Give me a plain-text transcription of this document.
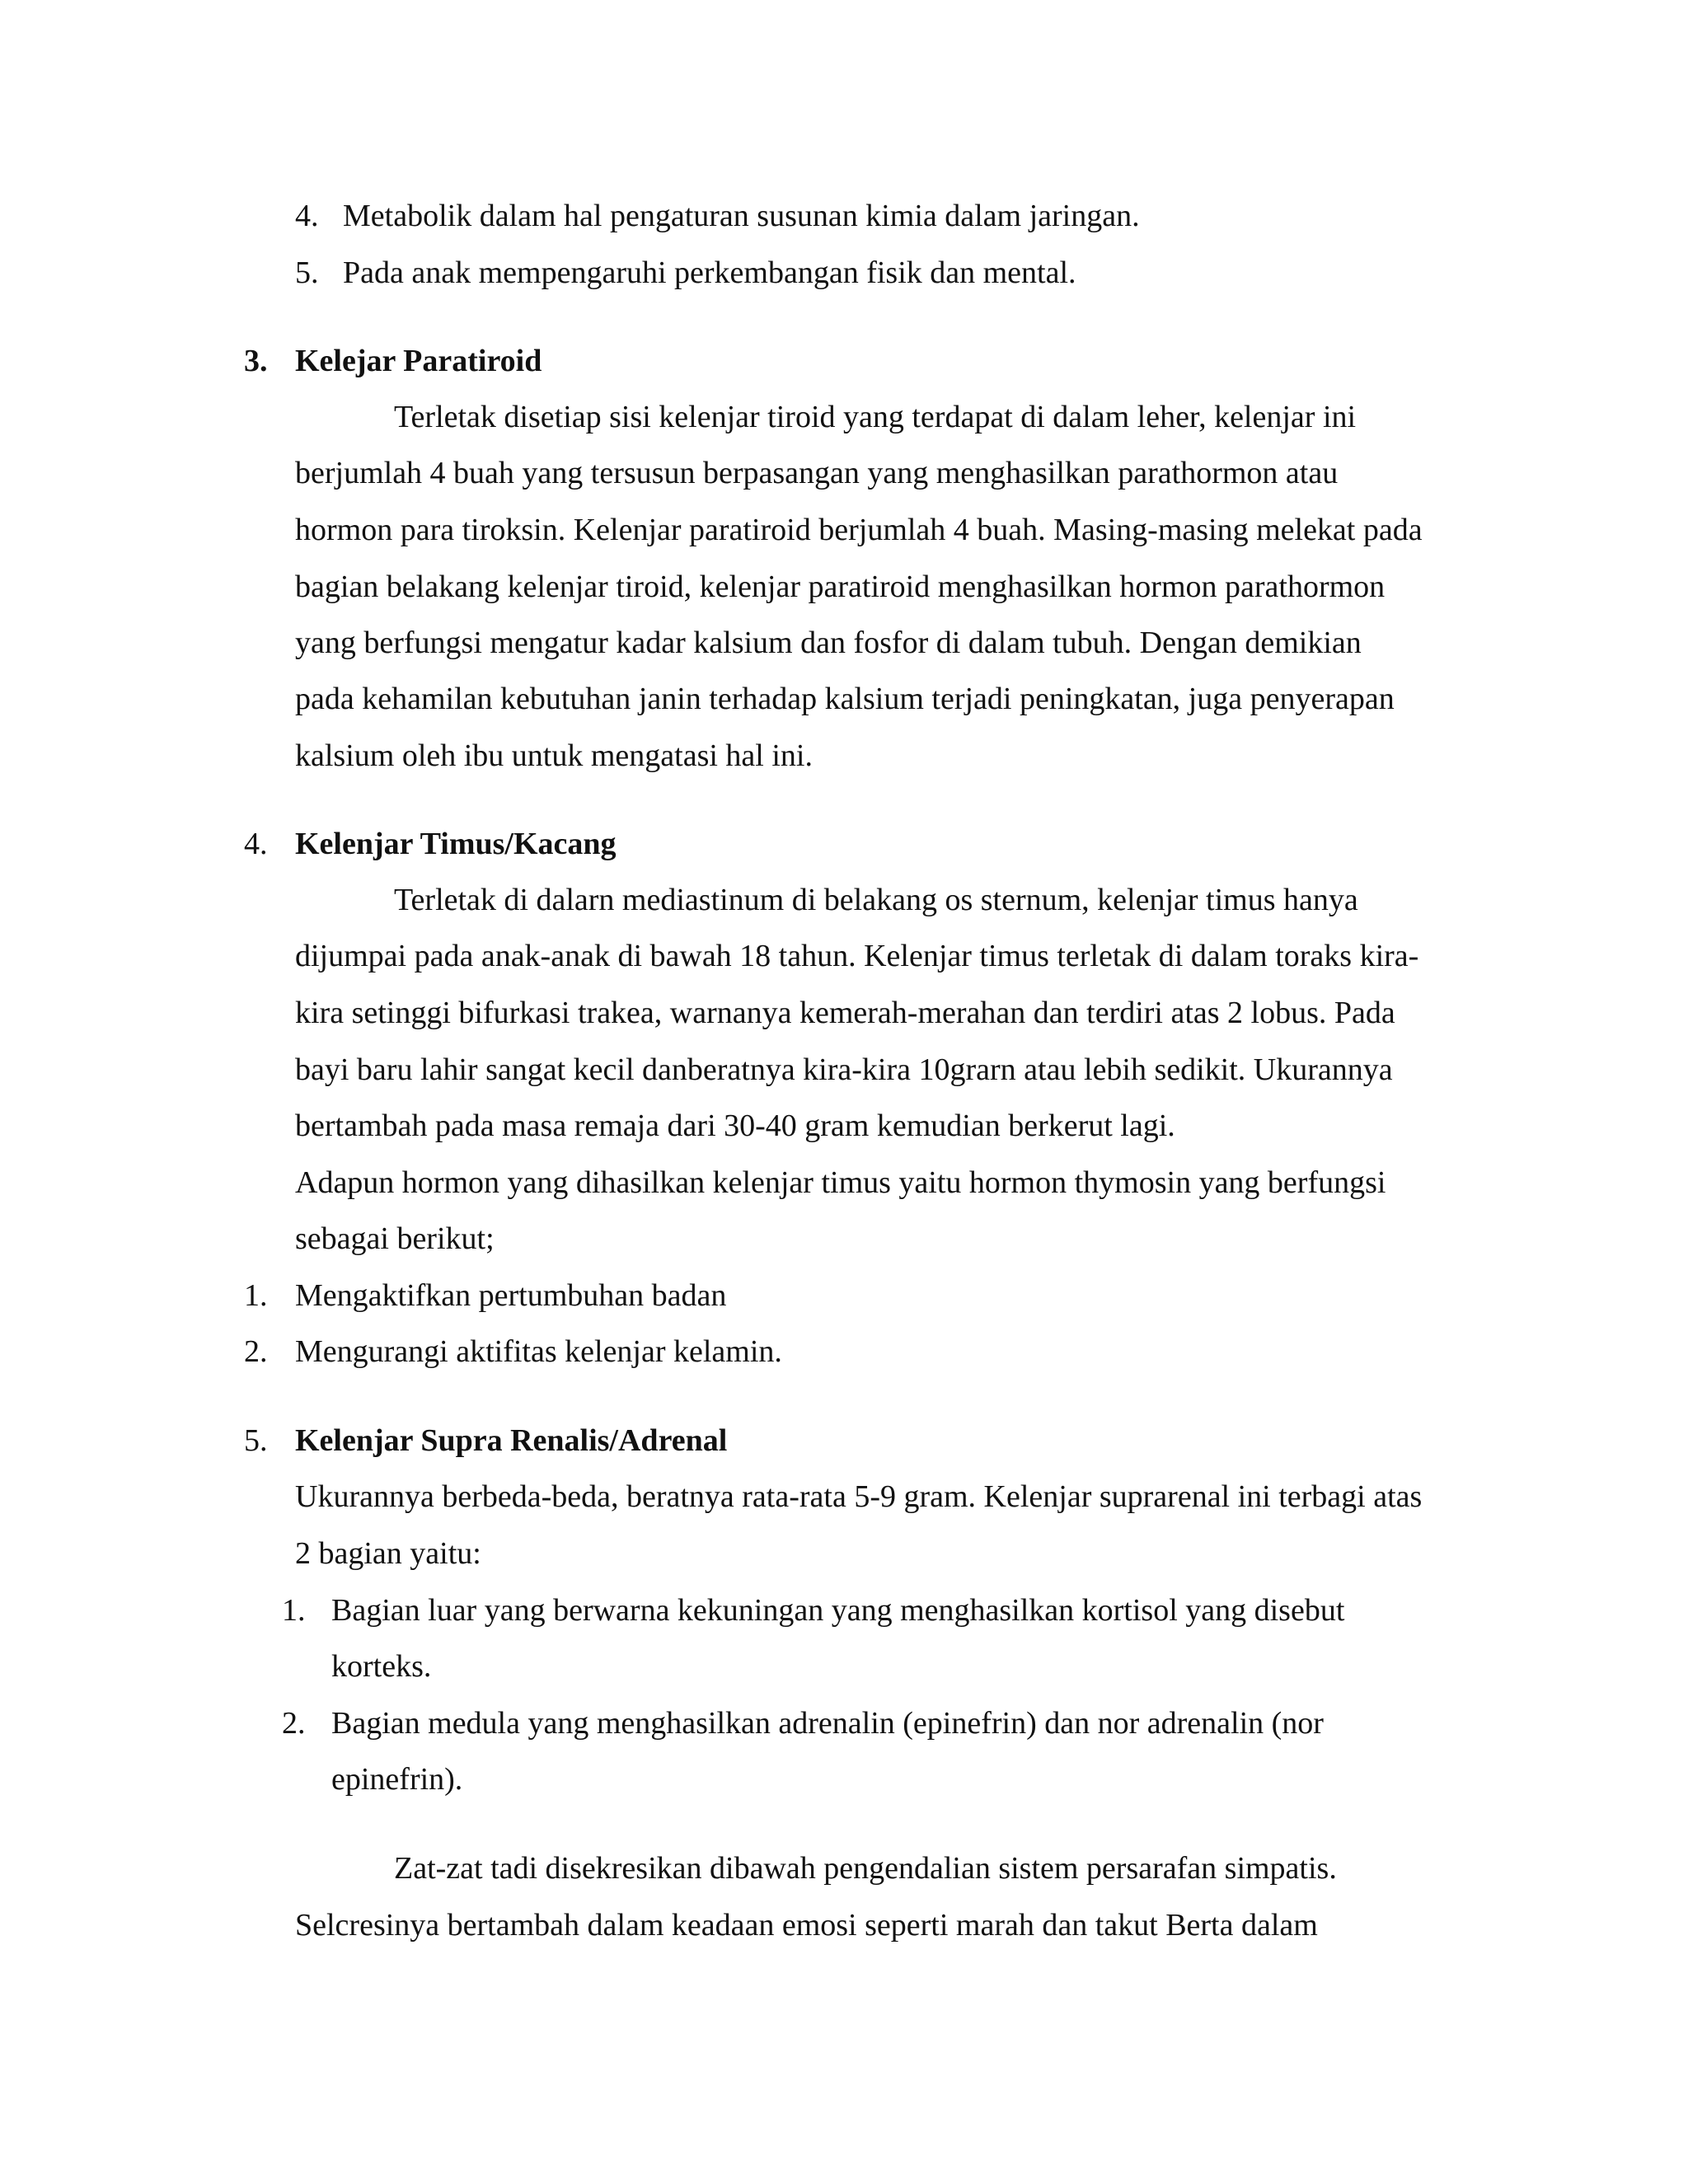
4. Metabolik dalam hal pengaturan susunan kimia dalam jaringan.
5. Pada anak mempengaruhi perkembangan fisik dan mental.
3. Kelejar Paratiroid
Terletak disetiap sisi kelenjar tiroid yang terdapat di dalam leher, kelenjar ini
berjumlah 4 buah yang tersusun berpasangan yang menghasilkan parathormon atau
hormon para tiroksin. Kelenjar paratiroid berjumlah 4 buah. Masing-masing melekat pada
bagian belakang kelenjar tiroid, kelenjar paratiroid menghasilkan hormon parathormon
yang berfungsi mengatur kadar kalsium dan fosfor di dalam tubuh. Dengan demikian
pada kehamilan kebutuhan janin terhadap kalsium terjadi peningkatan, juga penyerapan
kalsium oleh ibu untuk mengatasi hal ini.
4. Kelenjar Timus/Kacang
Terletak di dalarn mediastinum di belakang os sternum, kelenjar timus hanya
dijumpai pada anak-anak di bawah 18 tahun. Kelenjar timus terletak di dalam toraks kira-
kira setinggi bifurkasi trakea, warnanya kemerah-merahan dan terdiri atas 2 lobus. Pada
bayi baru lahir sangat kecil danberatnya kira-kira 10grarn atau lebih sedikit. Ukurannya
bertambah pada masa remaja dari 30-40 gram kemudian berkerut lagi.
Adapun hormon yang dihasilkan kelenjar timus yaitu hormon thymosin yang berfungsi
sebagai berikut;
1. Mengaktifkan pertumbuhan badan
2. Mengurangi aktifitas kelenjar kelamin.
5. Kelenjar Supra Renalis/Adrenal
Ukurannya berbeda-beda, beratnya rata-rata 5-9 gram. Kelenjar suprarenal ini terbagi atas
2 bagian yaitu:
1. Bagian luar yang berwarna kekuningan yang menghasilkan kortisol yang disebut
korteks.
2. Bagian medula yang menghasilkan adrenalin (epinefrin) dan nor adrenalin (nor
epinefrin).
Zat-zat tadi disekresikan dibawah pengendalian sistem persarafan simpatis.
Selcresinya bertambah dalam keadaan emosi seperti marah dan takut Berta dalam
